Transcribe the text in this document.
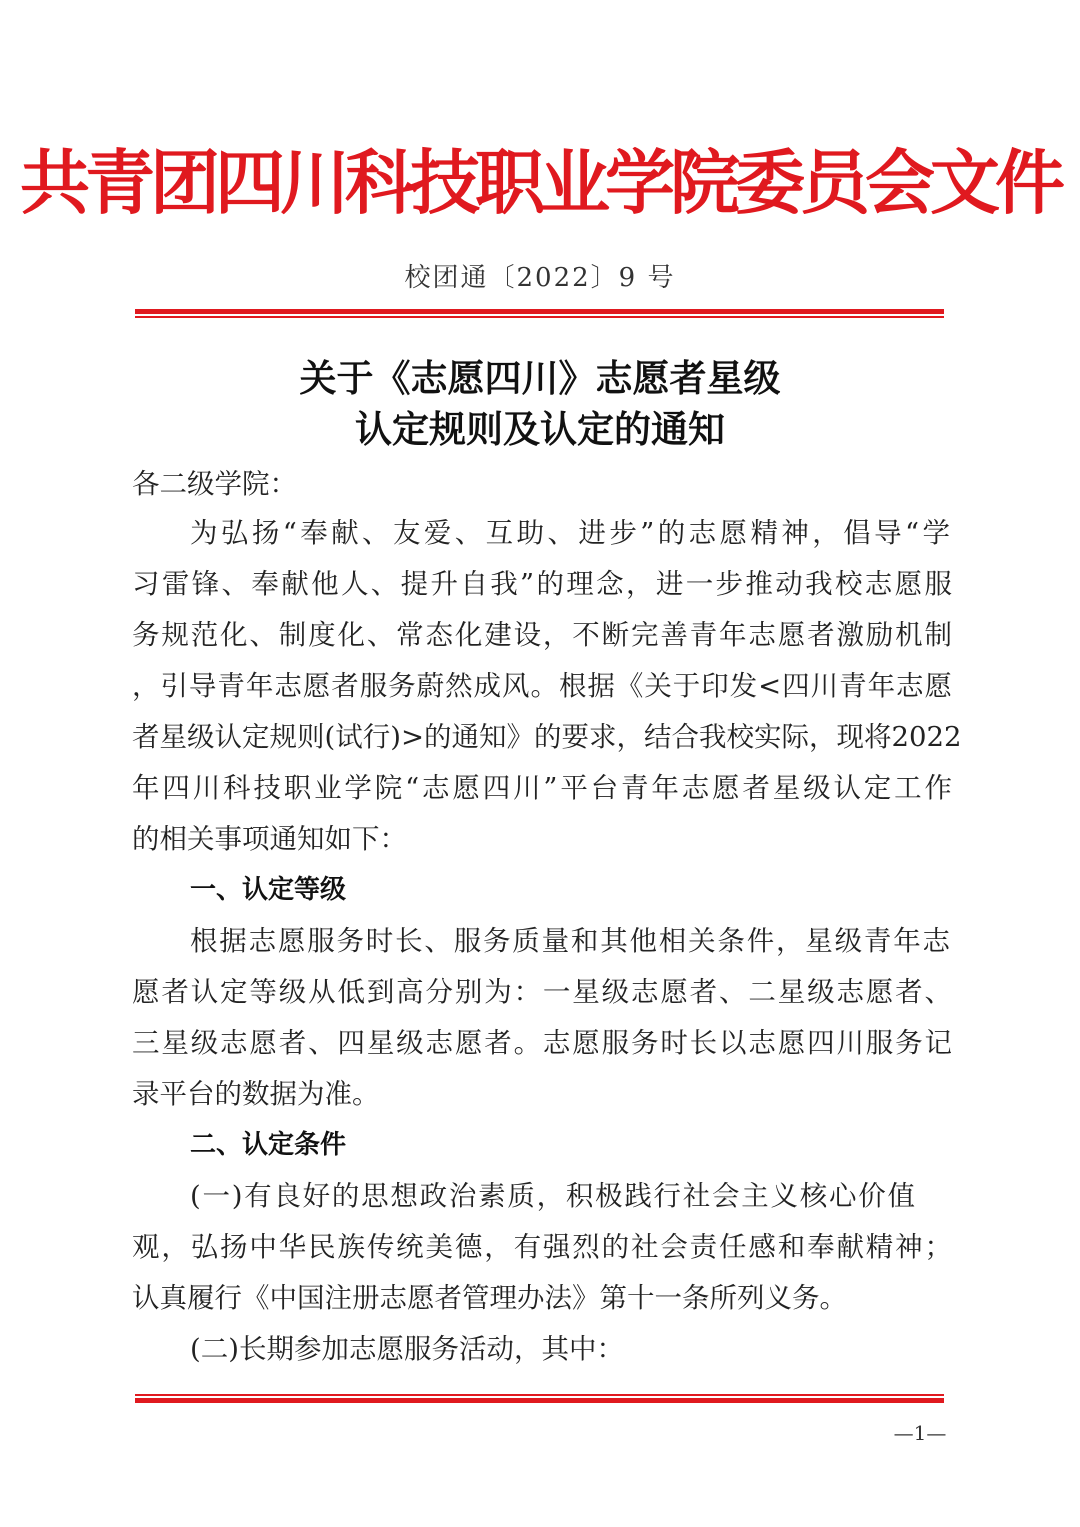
共青团四川科技职业学院委员会文件
校团通〔2022〕9 号
关于《志愿四川》志愿者星级
认定规则及认定的通知
各二级学院：
为弘扬“奉献、友爱、互助、进步”的志愿精神，倡导“学
习雷锋、奉献他人、提升自我”的理念，进一步推动我校志愿服
务规范化、制度化、常态化建设，不断完善青年志愿者激励机制
，引导青年志愿者服务蔚然成风。根据《关于印发<四川青年志愿
者星级认定规则(试行)>的通知》的要求，结合我校实际，现将2022
年四川科技职业学院“志愿四川”平台青年志愿者星级认定工作
的相关事项通知如下：
一、认定等级
根据志愿服务时长、服务质量和其他相关条件，星级青年志
愿者认定等级从低到高分别为：一星级志愿者、二星级志愿者、
三星级志愿者、四星级志愿者。志愿服务时长以志愿四川服务记
录平台的数据为准。
二、认定条件
(一)有良好的思想政治素质，积极践行社会主义核心价值
观，弘扬中华民族传统美德，有强烈的社会责任感和奉献精神；
认真履行《中国注册志愿者管理办法》第十一条所列义务。
(二)长期参加志愿服务活动，其中：
—1—
